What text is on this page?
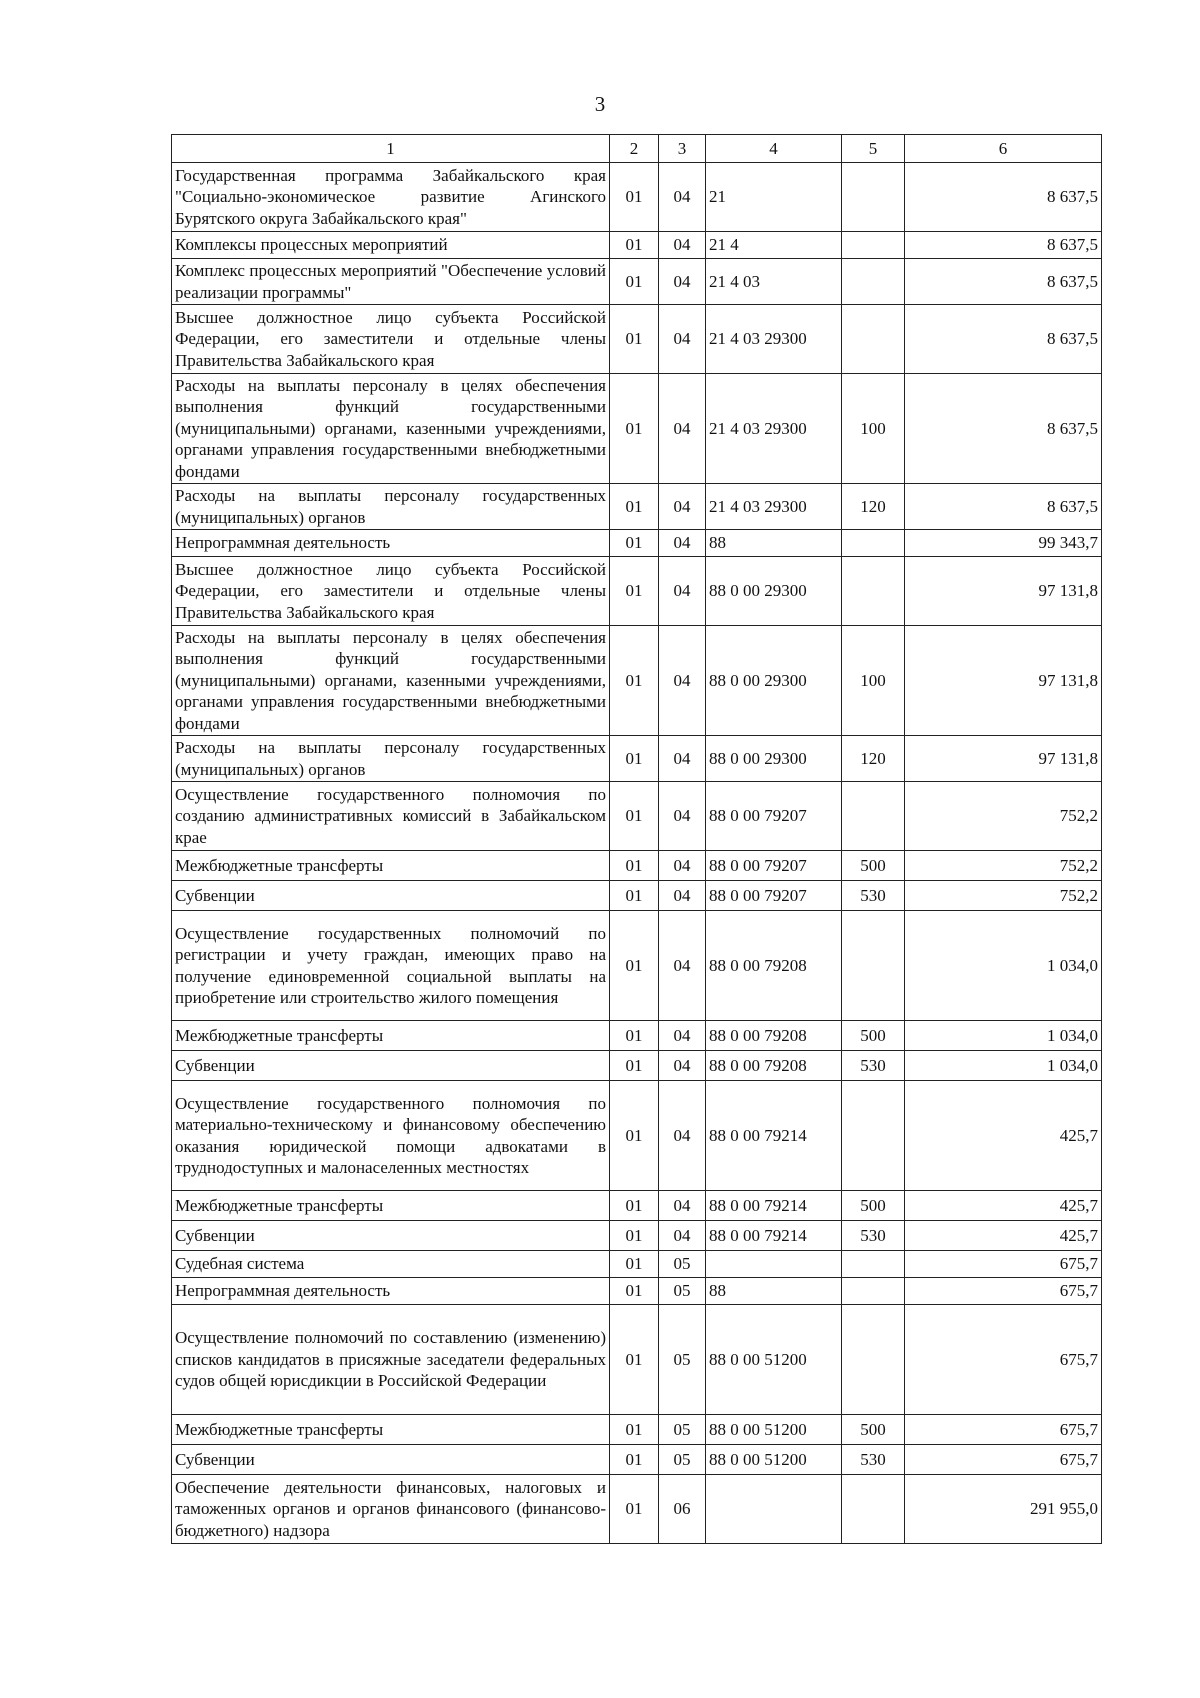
3
1	2	3	4	5	6
Государственная программа Забайкальского края "Социально-экономическое развитие Агинского Бурятского округа Забайкальского края"	01	04	21		8 637,5
Комплексы процессных мероприятий	01	04	21 4		8 637,5
Комплекс процессных мероприятий "Обеспечение условий реализации программы"	01	04	21 4 03		8 637,5
Высшее должностное лицо субъекта Российской Федерации, его заместители и отдельные члены Правительства Забайкальского края	01	04	21 4 03 29300		8 637,5
Расходы на выплаты персоналу в целях обеспечения выполнения функций государственными (муниципальными) органами, казенными учреждениями, органами управления государственными внебюджетными фондами	01	04	21 4 03 29300	100	8 637,5
Расходы на выплаты персоналу государственных (муниципальных) органов	01	04	21 4 03 29300	120	8 637,5
Непрограммная деятельность	01	04	88		99 343,7
Высшее должностное лицо субъекта Российской Федерации, его заместители и отдельные члены Правительства Забайкальского края	01	04	88 0 00 29300		97 131,8
Расходы на выплаты персоналу в целях обеспечения выполнения функций государственными (муниципальными) органами, казенными учреждениями, органами управления государственными внебюджетными фондами	01	04	88 0 00 29300	100	97 131,8
Расходы на выплаты персоналу государственных (муниципальных) органов	01	04	88 0 00 29300	120	97 131,8
Осуществление государственного полномочия по созданию административных комиссий в Забайкальском крае	01	04	88 0 00 79207		752,2
Межбюджетные трансферты	01	04	88 0 00 79207	500	752,2
Субвенции	01	04	88 0 00 79207	530	752,2
Осуществление государственных полномочий по регистрации и учету граждан, имеющих право на получение единовременной социальной выплаты на приобретение или строительство жилого помещения	01	04	88 0 00 79208		1 034,0
Межбюджетные трансферты	01	04	88 0 00 79208	500	1 034,0
Субвенции	01	04	88 0 00 79208	530	1 034,0
Осуществление государственного полномочия по материально-техническому и финансовому обеспечению оказания юридической помощи адвокатами в труднодоступных и малонаселенных местностях	01	04	88 0 00 79214		425,7
Межбюджетные трансферты	01	04	88 0 00 79214	500	425,7
Субвенции	01	04	88 0 00 79214	530	425,7
Судебная система	01	05			675,7
Непрограммная деятельность	01	05	88		675,7
Осуществление полномочий по составлению (изменению) списков кандидатов в присяжные заседатели федеральных судов общей юрисдикции в Российской Федерации	01	05	88 0 00 51200		675,7
Межбюджетные трансферты	01	05	88 0 00 51200	500	675,7
Субвенции	01	05	88 0 00 51200	530	675,7
Обеспечение деятельности финансовых, налоговых и таможенных органов и органов финансового (финансово-бюджетного) надзора	01	06			291 955,0
